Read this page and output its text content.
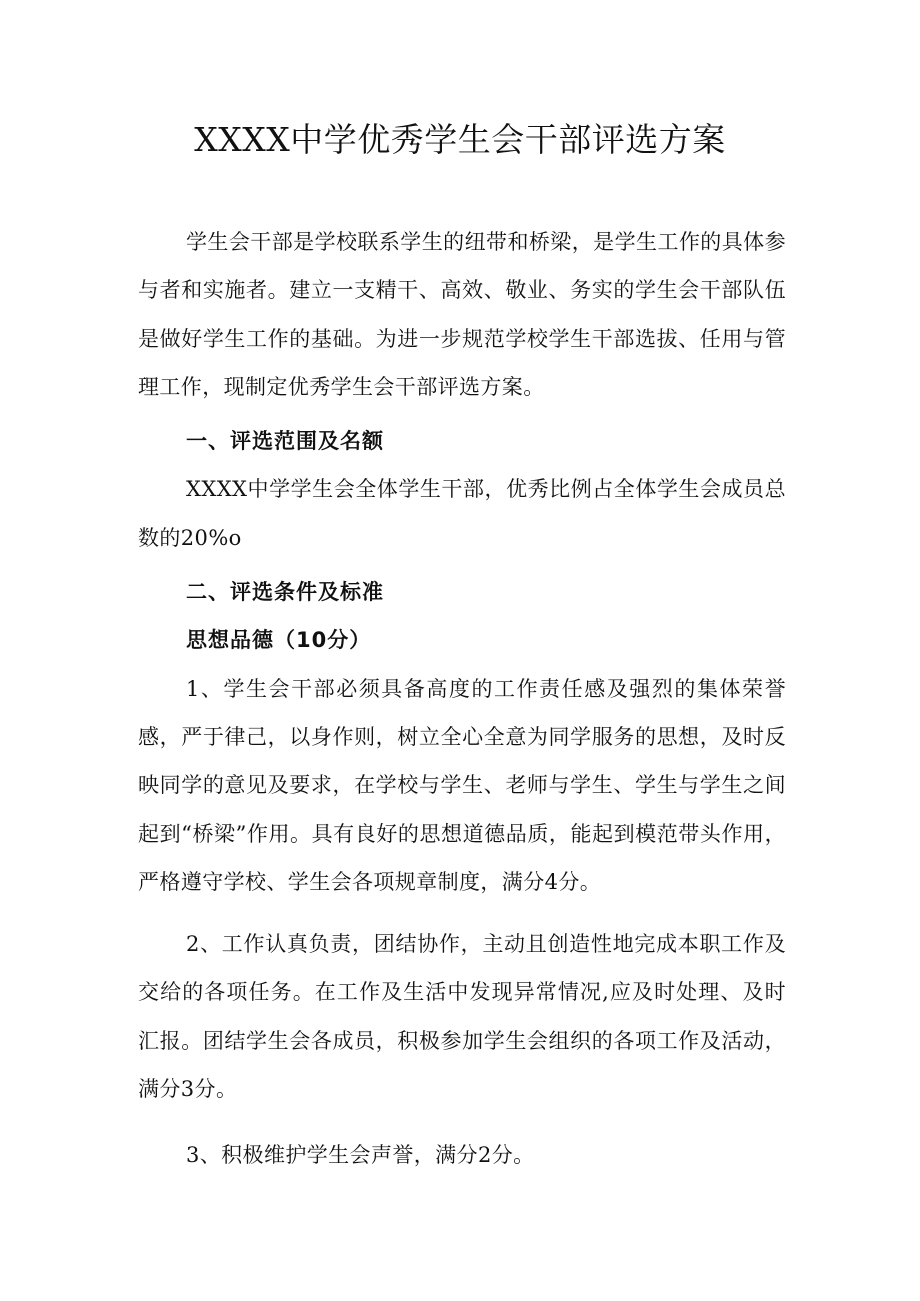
XXXX中学优秀学生会干部评选方案

学生会干部是学校联系学生的纽带和桥梁，是学生工作的具体参与者和实施者。建立一支精干、高效、敬业、务实的学生会干部队伍是做好学生工作的基础。为进一步规范学校学生干部选拔、任用与管理工作，现制定优秀学生会干部评选方案。

一、评选范围及名额

XXXX中学学生会全体学生干部，优秀比例占全体学生会成员总数的20%o

二、评选条件及标准

思想品德（10分）

1、学生会干部必须具备高度的工作责任感及强烈的集体荣誉感，严于律己，以身作则，树立全心全意为同学服务的思想，及时反映同学的意见及要求，在学校与学生、老师与学生、学生与学生之间起到“桥梁”作用。具有良好的思想道德品质，能起到模范带头作用，严格遵守学校、学生会各项规章制度，满分4分。

2、工作认真负责，团结协作，主动且创造性地完成本职工作及交给的各项任务。在工作及生活中发现异常情况,应及时处理、及时汇报。团结学生会各成员，积极参加学生会组织的各项工作及活动，满分3分。

3、积极维护学生会声誉，满分2分。
